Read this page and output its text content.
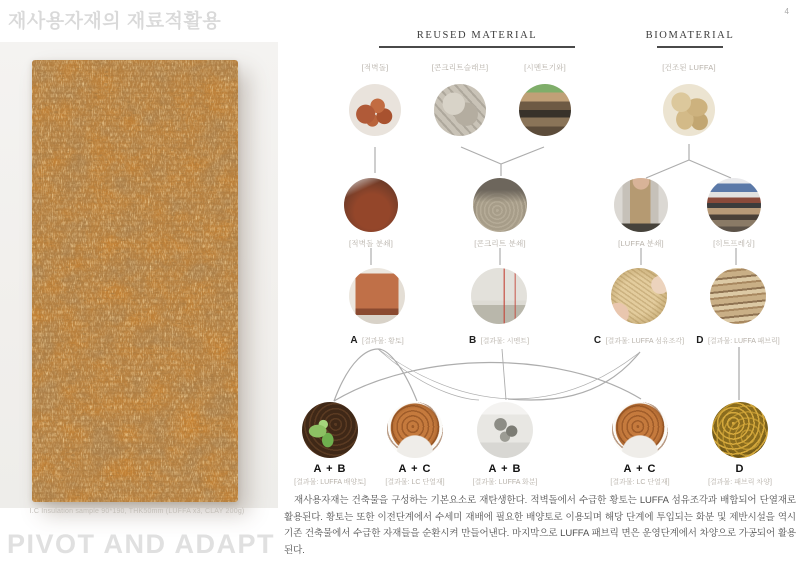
4
재사용자재의 재료적활용
I.C Insulation sample 90*190, THK50mm (LUFFA x3, CLAY 200g)
PIVOT AND ADAPT
REUSED MATERIAL	BIOMATERIAL
[적벽돌]	[콘크리트슬래브]	[시멘트기와]	[건조된 LUFFA]
[적벽돌 분쇄]	[콘크리트 분쇄]	[LUFFA 분쇄]	[히트프레싱]
A [결과물: 황토]	B [결과물: 시멘트]	C [결과물: LUFFA 섬유조각]	D [결과물: LUFFA 패브릭]
A + B
[결과물: LUFFA 배양토]
A + C
[결과물: LC 단열재]
A + B
[결과물: LUFFA 화분]
A + C
[결과물: LC 단열재]
D
[결과물: 패브릭 차양]

재사용자재는 건축물을 구성하는 기본요소로 재탄생한다. 적벽돌에서 수급한 황토는 LUFFA 섬유조각과 배합되어 단열재로 활용된다. 황토는 또한 이전단계에서 수세미 재배에 필요한 배양토로 이용되며 해당 단계에 투입되는 화분 및 제반시설을 역시 기존 건축물에서 수급한 자재들을 순환시켜 만들어낸다. 마지막으로 LUFFA 패브릭 면은 운영단계에서 차양으로 가공되어 활용된다.
